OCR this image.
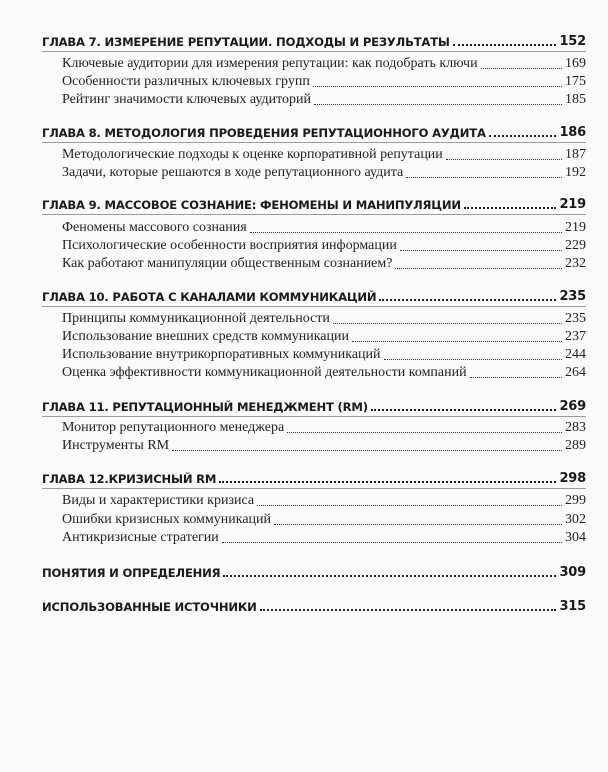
ГЛАВА 7. ИЗМЕРЕНИЕ РЕПУТАЦИИ. ПОДХОДЫ И РЕЗУЛЬТАТЫ	152
Ключевые аудитории для измерения репутации: как подобрать ключи	169
Особенности различных ключевых групп	175
Рейтинг значимости ключевых аудиторий	185
ГЛАВА 8. МЕТОДОЛОГИЯ ПРОВЕДЕНИЯ РЕПУТАЦИОННОГО АУДИТА	186
Методологические подходы к оценке корпоративной репутации	187
Задачи, которые решаются в ходе репутационного аудита	192
ГЛАВА 9. МАССОВОЕ СОЗНАНИЕ: ФЕНОМЕНЫ И МАНИПУЛЯЦИИ	219
Феномены массового сознания	219
Психологические особенности восприятия информации	229
Как работают манипуляции общественным сознанием?	232
ГЛАВА 10. РАБОТА С КАНАЛАМИ КОММУНИКАЦИЙ	235
Принципы коммуникационной деятельности	235
Использование внешних средств коммуникации	237
Использование внутрикорпоративных коммуникаций	244
Оценка эффективности коммуникационной деятельности компаний	264
ГЛАВА 11. РЕПУТАЦИОННЫЙ МЕНЕДЖМЕНТ (RM)	269
Монитор репутационного менеджера	283
Инструменты RM	289
ГЛАВА 12.КРИЗИСНЫЙ RM	298
Виды и характеристики кризиса	299
Ошибки кризисных коммуникаций	302
Антикризисные стратегии	304
ПОНЯТИЯ И ОПРЕДЕЛЕНИЯ	309
ИСПОЛЬЗОВАННЫЕ ИСТОЧНИКИ	315
